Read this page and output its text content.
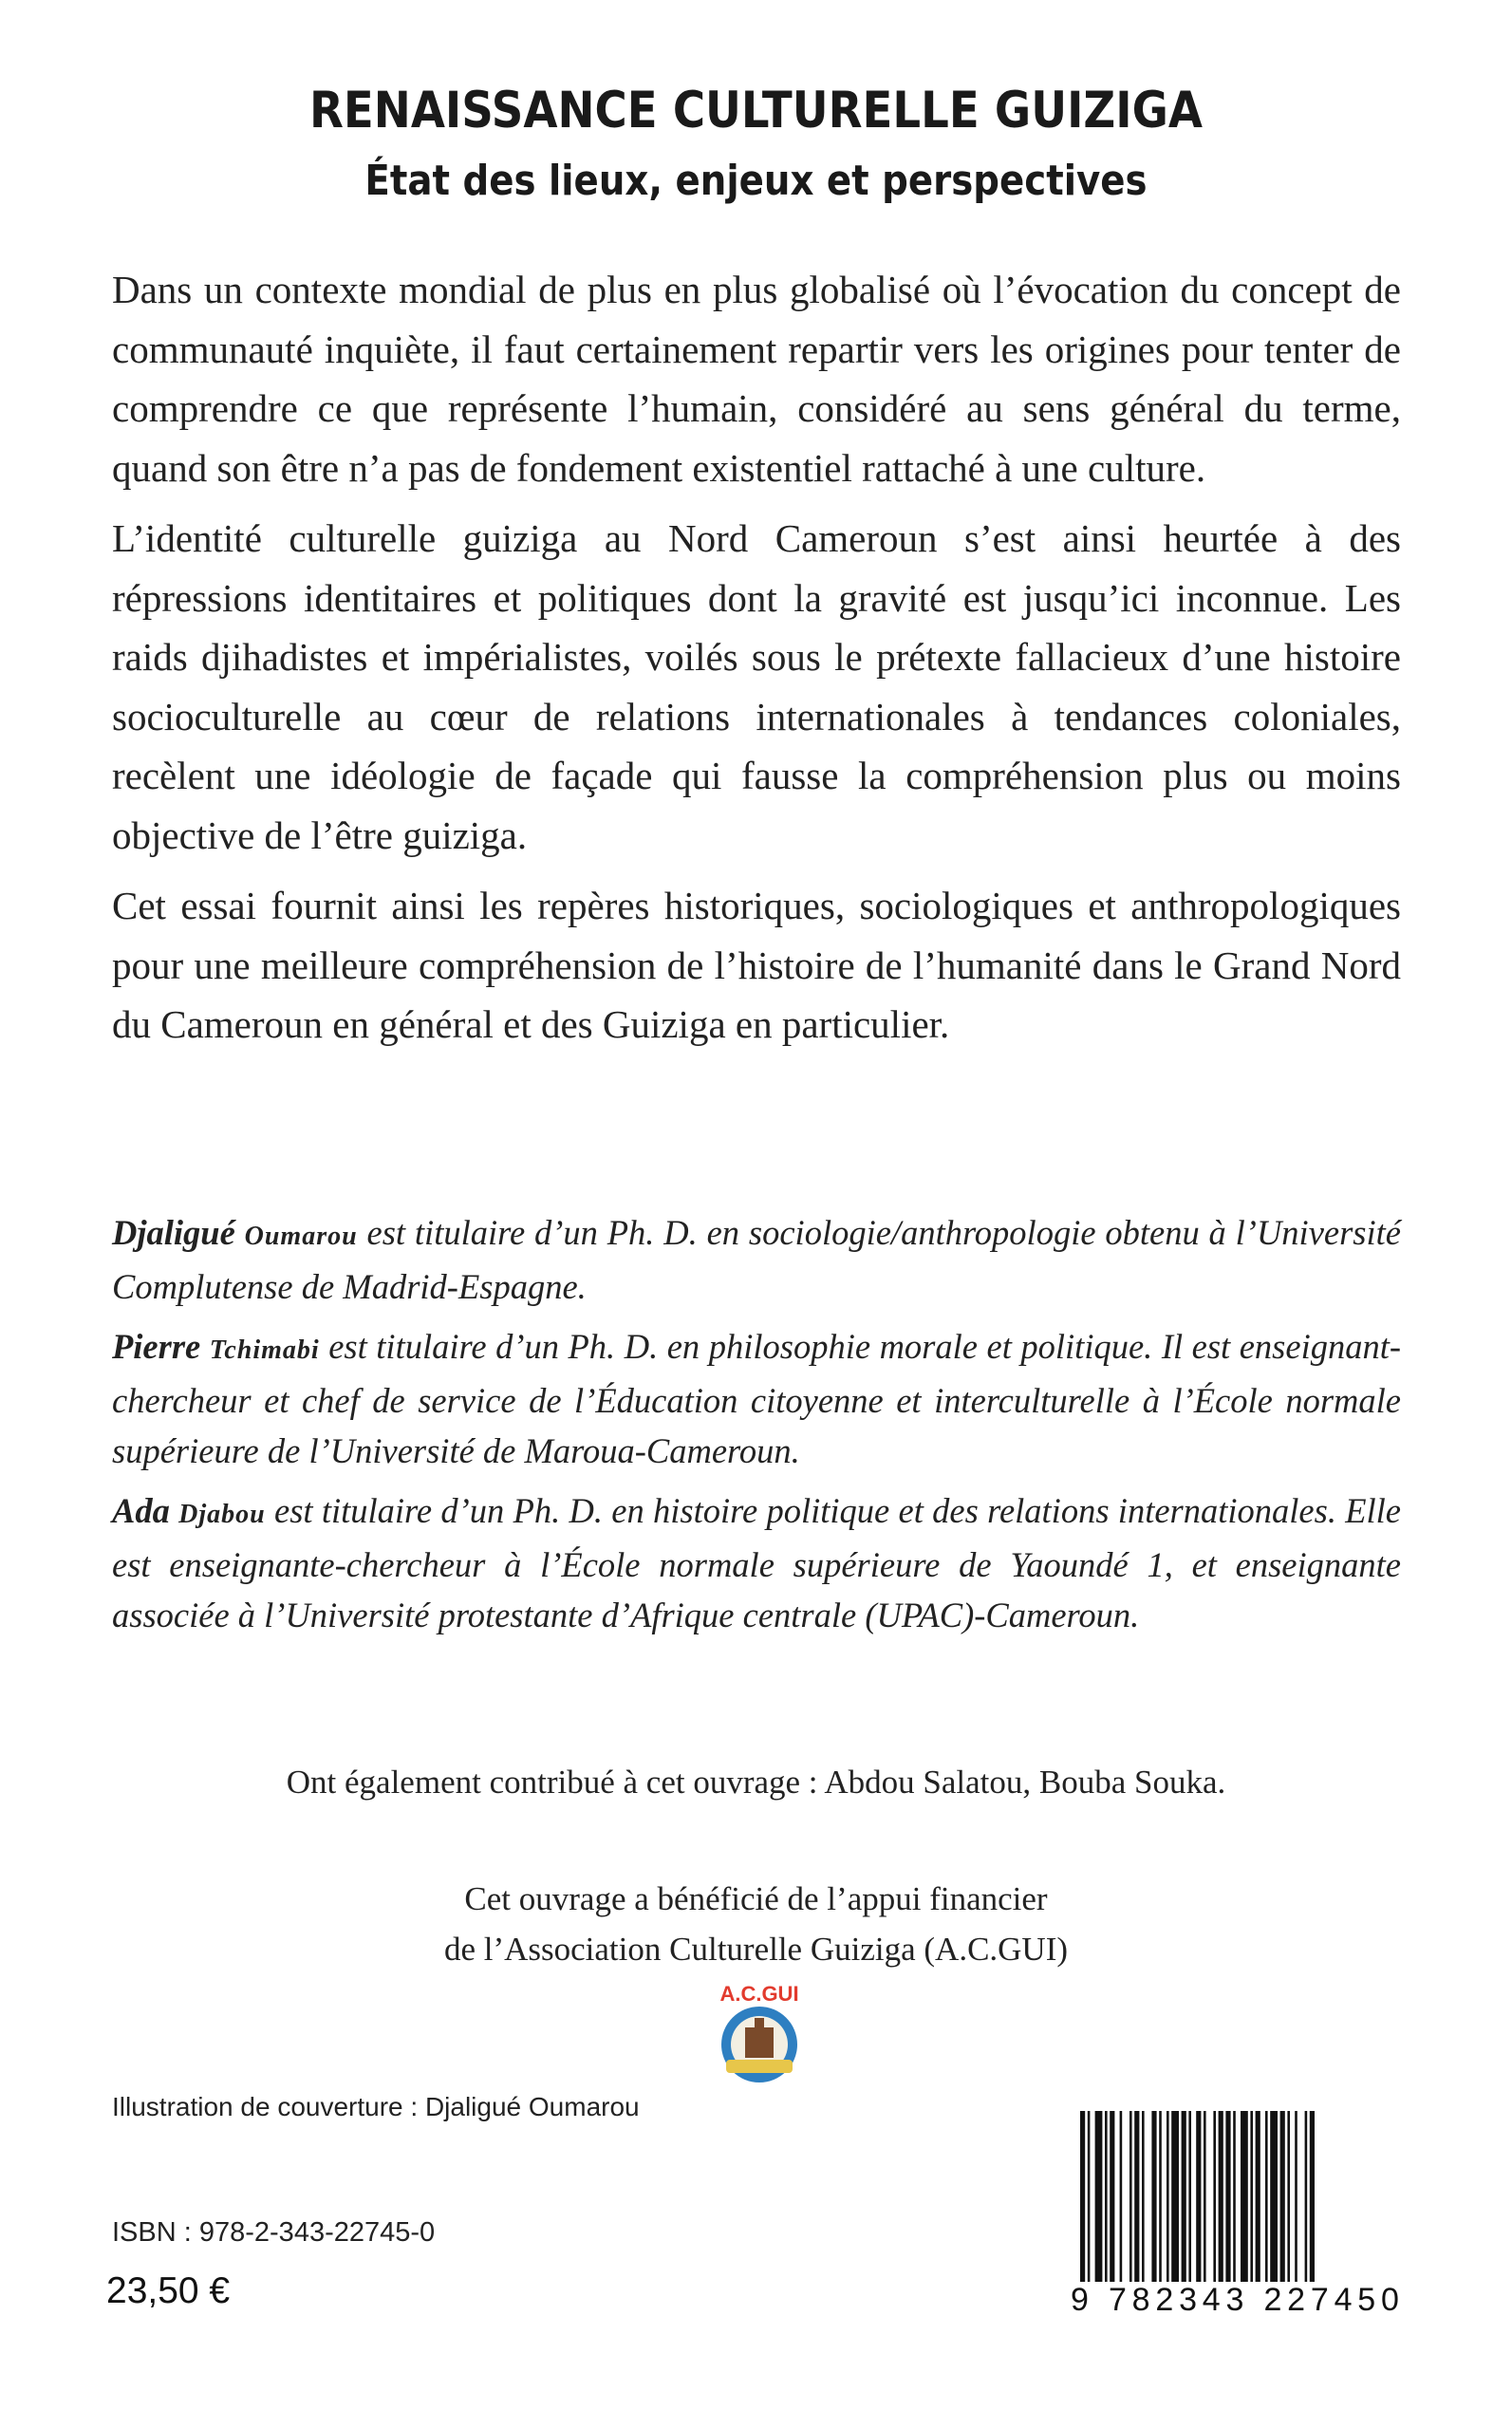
RENAISSANCE CULTURELLE GUIZIGA
État des lieux, enjeux et perspectives

Dans un contexte mondial de plus en plus globalisé où l’évocation du concept de communauté inquiète, il faut certainement repartir vers les origines pour tenter de comprendre ce que représente l’humain, considéré au sens général du terme, quand son être n’a pas de fondement existentiel rattaché à une culture.

L’identité culturelle guiziga au Nord Cameroun s’est ainsi heurtée à des répressions identitaires et politiques dont la gravité est jusqu’ici inconnue. Les raids djihadistes et impérialistes, voilés sous le prétexte fallacieux d’une histoire socioculturelle au cœur de relations internationales à tendances coloniales, recèlent une idéologie de façade qui fausse la compréhension plus ou moins objective de l’être guiziga.

Cet essai fournit ainsi les repères historiques, sociologiques et anthropologiques pour une meilleure compréhension de l’histoire de l’humanité dans le Grand Nord du Cameroun en général et des Guiziga en particulier.

Djaligué Oumarou est titulaire d’un Ph. D. en sociologie/anthropologie obtenu à l’Université Complutense de Madrid-Espagne.

Pierre Tchimabi est titulaire d’un Ph. D. en philosophie morale et politique. Il est enseignant-chercheur et chef de service de l’Éducation citoyenne et interculturelle à l’École normale supérieure de l’Université de Maroua-Cameroun.

Ada Djabou est titulaire d’un Ph. D. en histoire politique et des relations internationales. Elle est enseignante-chercheur à l’École normale supérieure de Yaoundé 1, et enseignante associée à l’Université protestante d’Afrique centrale (UPAC)-Cameroun.

Ont également contribué à cet ouvrage : Abdou Salatou, Bouba Souka.
Cet ouvrage a bénéficié de l’appui financier
de l’Association Culturelle Guiziga (A.C.GUI)
A.C.GUI
Illustration de couverture : Djaligué Oumarou
ISBN : 978-2-343-22745-0
23,50 €	9 782343 227450
